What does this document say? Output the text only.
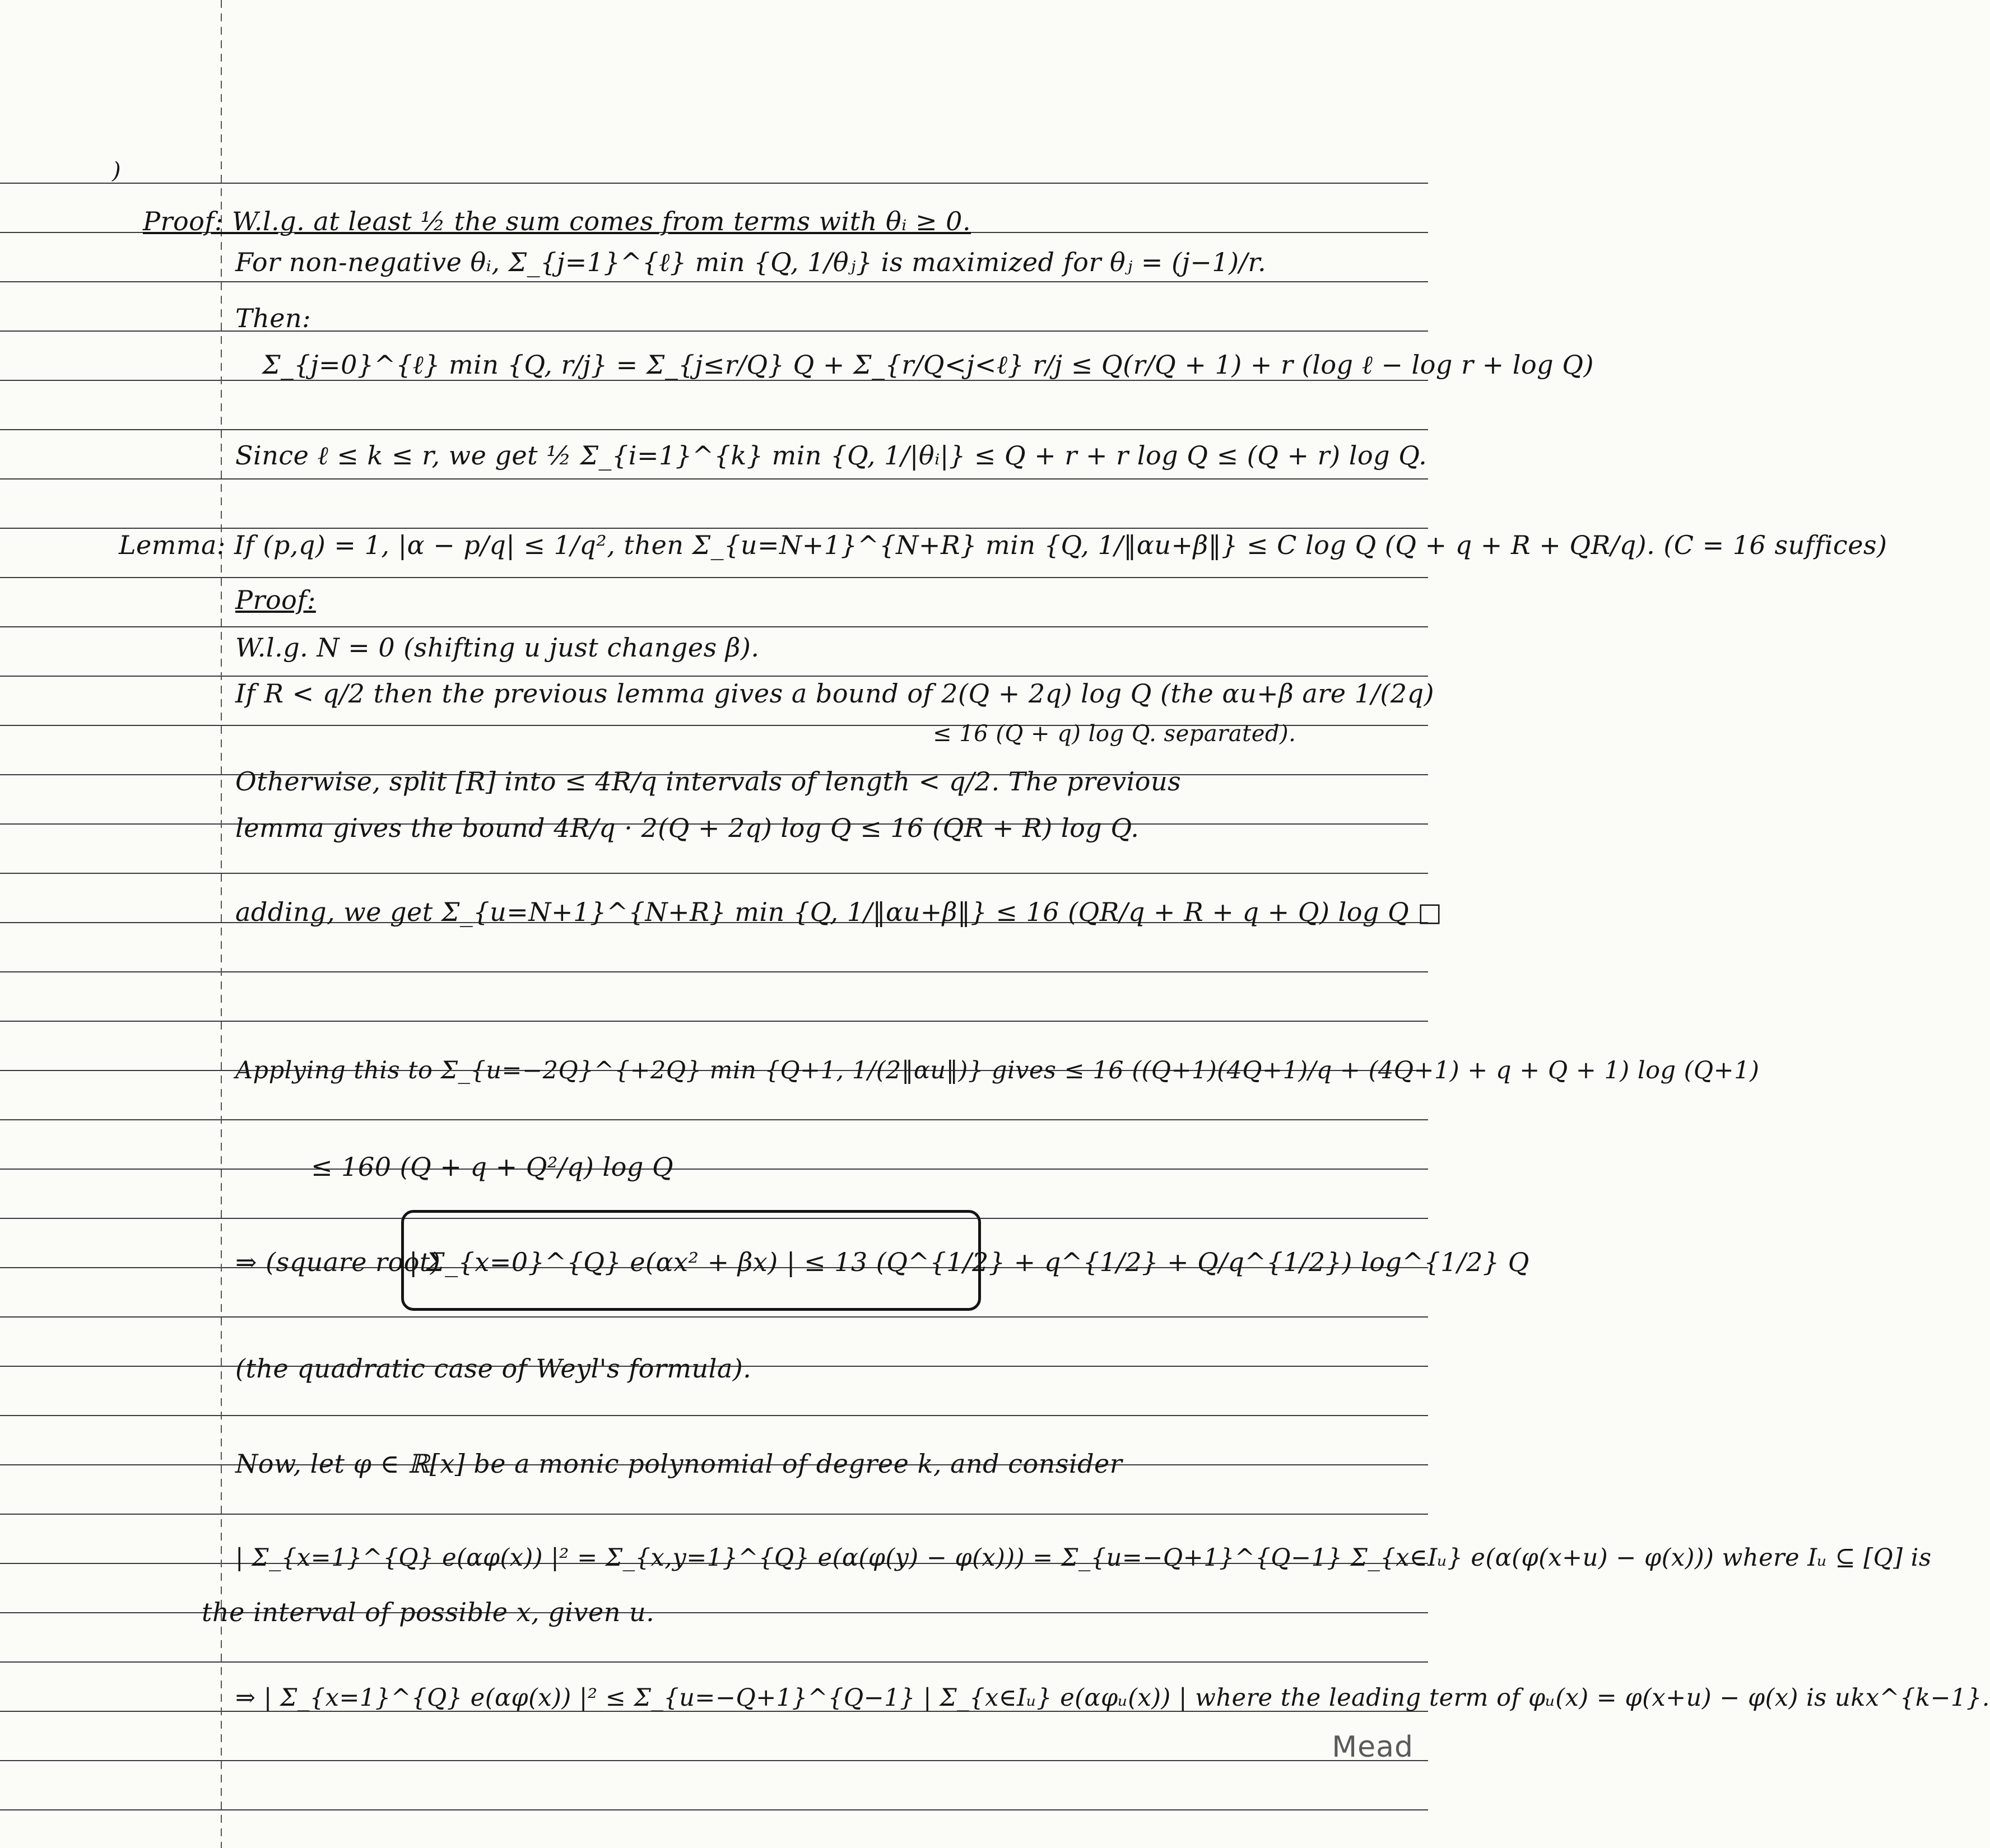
)
Proof: W.l.g. at least ½ the sum comes from terms with θᵢ ≥ 0.
For non-negative θᵢ, Σ_{j=1}^{ℓ} min {Q, 1/θⱼ} is maximized for θⱼ = (j−1)/r.
Then:
Σ_{j=0}^{ℓ} min {Q, r/j} = Σ_{j≤r/Q} Q + Σ_{r/Q<j<ℓ} r/j ≤ Q(r/Q + 1) + r (log ℓ − log r + log Q)
Since ℓ ≤ k ≤ r, we get ½ Σ_{i=1}^{k} min {Q, 1/|θᵢ|} ≤ Q + r + r log Q ≤ (Q + r) log Q.
Lemma: If (p,q) = 1, |α − p/q| ≤ 1/q², then Σ_{u=N+1}^{N+R} min {Q, 1/‖αu+β‖} ≤ C log Q (Q + q + R + QR/q). (C = 16 suffices)
Proof:
W.l.g. N = 0 (shifting u just changes β).
If R < q/2 then the previous lemma gives a bound of 2(Q + 2q) log Q (the αu+β are 1/(2q)
≤ 16 (Q + q) log Q. separated).
Otherwise, split [R] into ≤ 4R/q intervals of length < q/2. The previous
lemma gives the bound 4R/q · 2(Q + 2q) log Q ≤ 16 (QR + R) log Q.
adding, we get Σ_{u=N+1}^{N+R} min {Q, 1/‖αu+β‖} ≤ 16 (QR/q + R + q + Q) log Q □
Applying this to Σ_{u=−2Q}^{+2Q} min {Q+1, 1/(2‖αu‖)} gives ≤ 16 ((Q+1)(4Q+1)/q + (4Q+1) + q + Q + 1) log (Q+1)
≤ 160 (Q + q + Q²/q) log Q
⇒ (square root)
| Σ_{x=0}^{Q} e(αx² + βx) | ≤ 13 (Q^{1/2} + q^{1/2} + Q/q^{1/2}) log^{1/2} Q
(the quadratic case of Weyl's formula).
Now, let φ ∈ ℝ[x] be a monic polynomial of degree k, and consider
| Σ_{x=1}^{Q} e(αφ(x)) |² = Σ_{x,y=1}^{Q} e(α(φ(y) − φ(x))) = Σ_{u=−Q+1}^{Q−1} Σ_{x∈Iᵤ} e(α(φ(x+u) − φ(x))) where Iᵤ ⊆ [Q] is
the interval of possible x, given u.
⇒ | Σ_{x=1}^{Q} e(αφ(x)) |² ≤ Σ_{u=−Q+1}^{Q−1} | Σ_{x∈Iᵤ} e(αφᵤ(x)) | where the leading term of φᵤ(x) = φ(x+u) − φ(x) is ukx^{k−1}.
Mead
